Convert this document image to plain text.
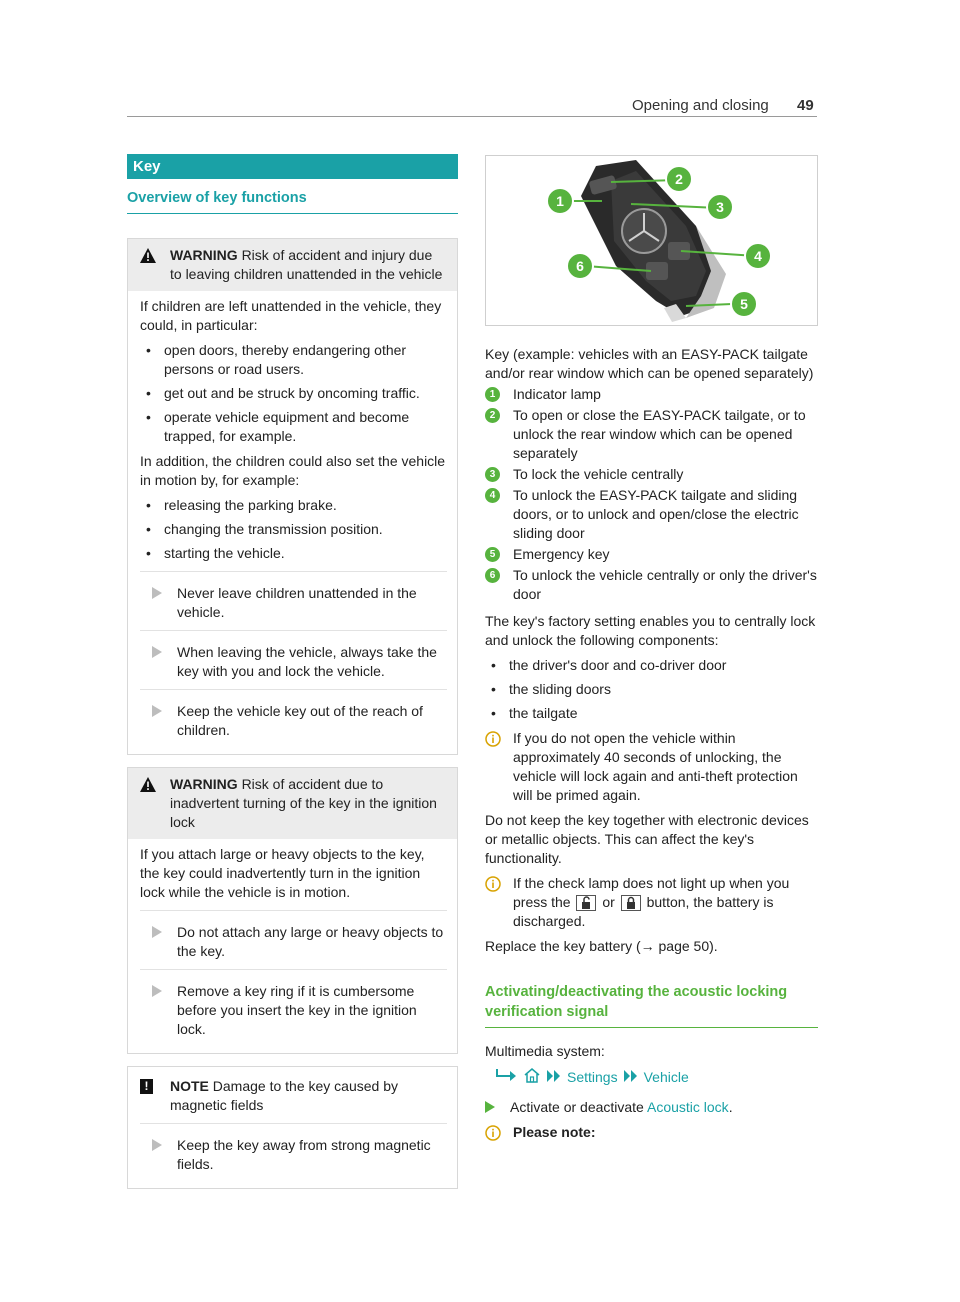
Opening and closing 49
Key
Overview of key functions
WARNING Risk of accident and injury due to leaving children unattended in the vehicle

If children are left unattended in the vehicle, they could, in particular:

• open doors, thereby endangering other persons or road users.
• get out and be struck by oncoming traffic.
• operate vehicle equipment and become trapped, for example.

In addition, the children could also set the vehicle in motion by, for example:

• releasing the parking brake.
• changing the transmission position.
• starting the vehicle.
Never leave children unattended in the vehicle.
When leaving the vehicle, always take the key with you and lock the vehicle.
Keep the vehicle key out of the reach of children.
WARNING Risk of accident due to inadvertent turning of the key in the ignition lock

If you attach large or heavy objects to the key, the key could inadvertently turn in the ignition lock while the vehicle is in motion.

Do not attach any large or heavy objects to the key.
Remove a key ring if it is cumbersome before you insert the key in the ignition lock.
!	NOTE Damage to the key caused by magnetic fields
Keep the key away from strong magnetic fields.
1
2
3
4
5
6

Key (example: vehicles with an EASY-PACK tailgate and/or rear window which can be opened separately)

1	Indicator lamp
2	To open or close the EASY-PACK tailgate, or to unlock the rear window which can be opened separately
3	To lock the vehicle centrally
4	To unlock the EASY-PACK tailgate and sliding doors, or to unlock and open/close the electric sliding door
5	Emergency key
6	To unlock the vehicle centrally or only the driver's door

The key's factory setting enables you to centrally lock and unlock the following components:

• the driver's door and co-driver door
• the sliding doors
• the tailgate
If you do not open the vehicle within approximately 40 seconds of unlocking, the vehicle will lock again and anti-theft protection will be primed again.

Do not keep the key together with electronic devices or metallic objects. This can affect the key's functionality.

If the check lamp does not light up when you press the or button, the battery is discharged.

Replace the key battery (→ page 50).

Activating/deactivating the acoustic locking verification signal
Multimedia system:
Settings Vehicle
Activate or deactivate Acoustic lock.
Please note:
